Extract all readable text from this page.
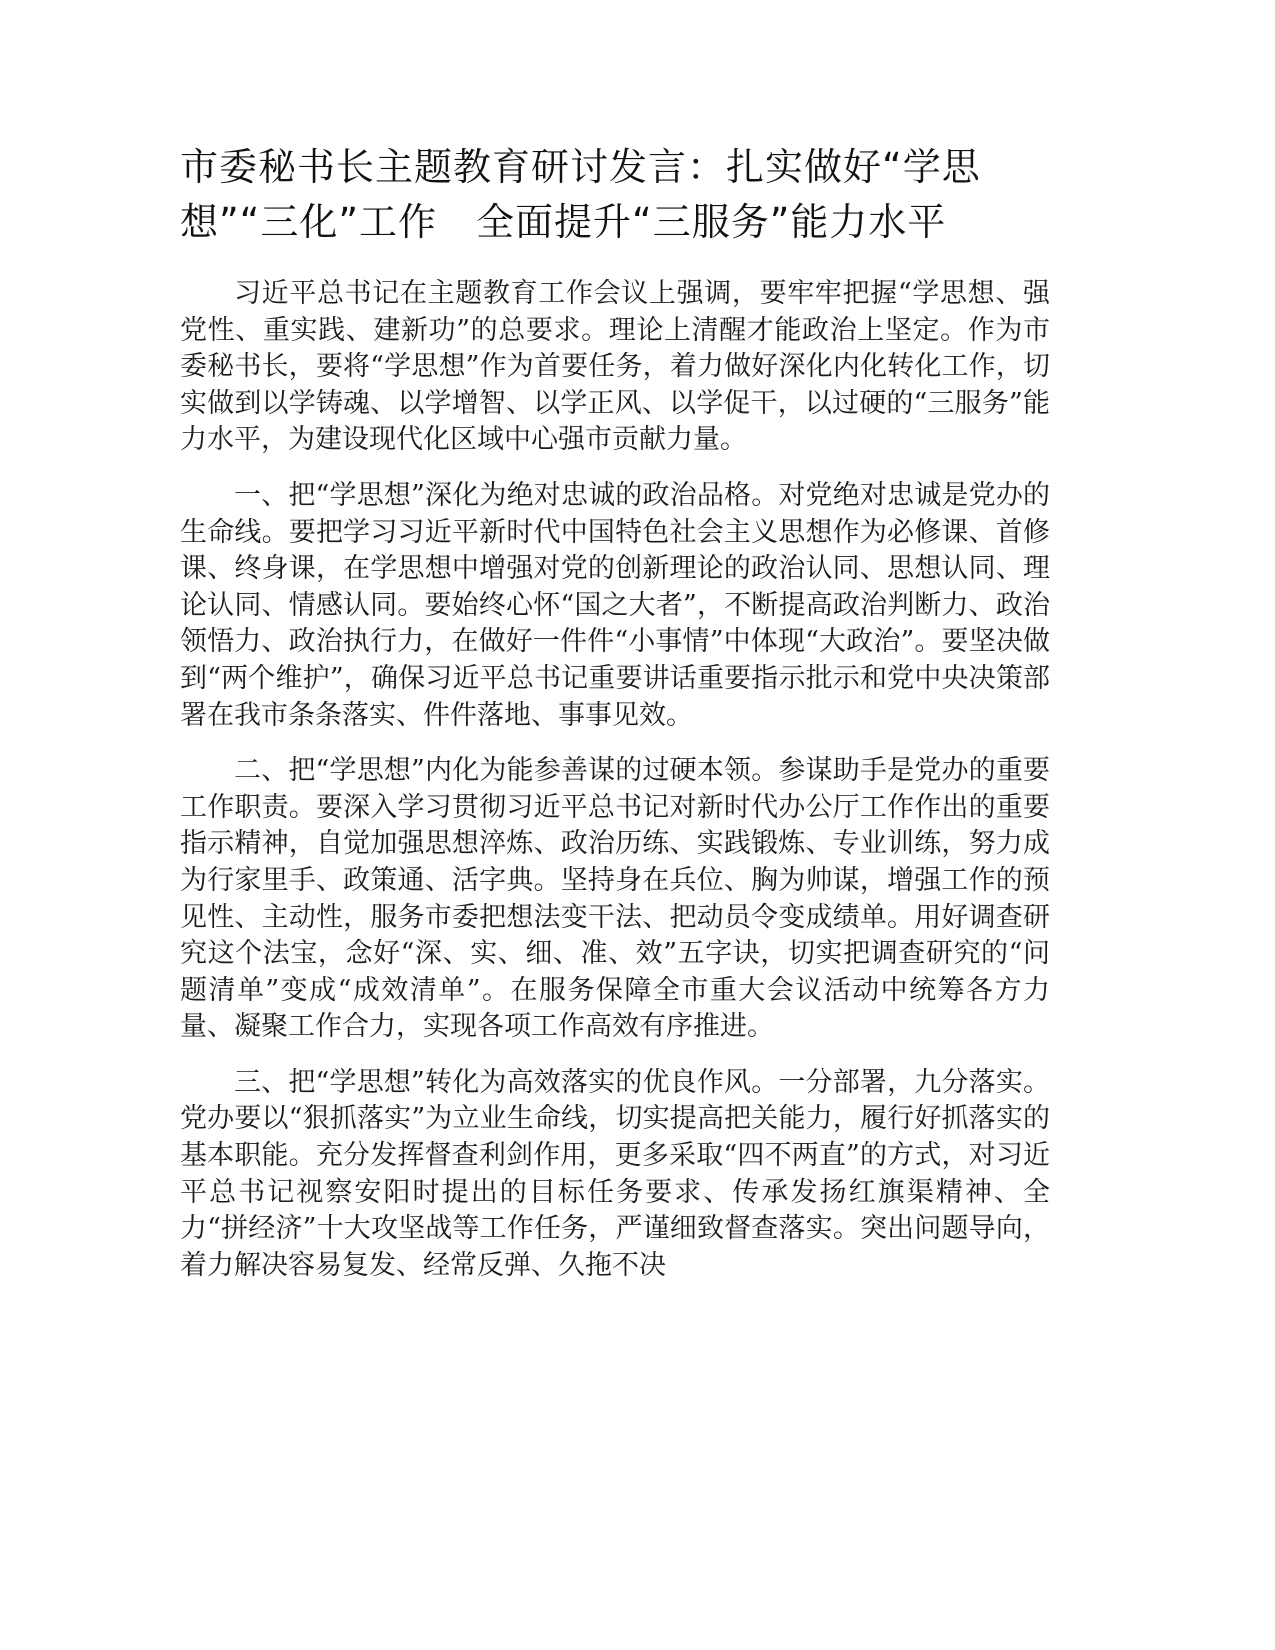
市委秘书长主题教育研讨发言：扎实做好“学思想”“三化”工作　全面提升“三服务”能力水平

习近平总书记在主题教育工作会议上强调，要牢牢把握“学思想、强党性、重实践、建新功”的总要求。理论上清醒才能政治上坚定。作为市委秘书长，要将“学思想”作为首要任务，着力做好深化内化转化工作，切实做到以学铸魂、以学增智、以学正风、以学促干，以过硬的“三服务”能力水平，为建设现代化区域中心强市贡献力量。

一、把“学思想”深化为绝对忠诚的政治品格。对党绝对忠诚是党办的生命线。要把学习习近平新时代中国特色社会主义思想作为必修课、首修课、终身课，在学思想中增强对党的创新理论的政治认同、思想认同、理论认同、情感认同。要始终心怀“国之大者”，不断提高政治判断力、政治领悟力、政治执行力，在做好一件件“小事情”中体现“大政治”。要坚决做到“两个维护”，确保习近平总书记重要讲话重要指示批示和党中央决策部署在我市条条落实、件件落地、事事见效。

二、把“学思想”内化为能参善谋的过硬本领。参谋助手是党办的重要工作职责。要深入学习贯彻习近平总书记对新时代办公厅工作作出的重要指示精神，自觉加强思想淬炼、政治历练、实践锻炼、专业训练，努力成为行家里手、政策通、活字典。坚持身在兵位、胸为帅谋，增强工作的预见性、主动性，服务市委把想法变干法、把动员令变成绩单。用好调查研究这个法宝，念好“深、实、细、准、效”五字诀，切实把调查研究的“问题清单”变成“成效清单”。在服务保障全市重大会议活动中统筹各方力量、凝聚工作合力，实现各项工作高效有序推进。

三、把“学思想”转化为高效落实的优良作风。一分部署，九分落实。党办要以“狠抓落实”为立业生命线，切实提高把关能力，履行好抓落实的基本职能。充分发挥督查利剑作用，更多采取“四不两直”的方式，对习近平总书记视察安阳时提出的目标任务要求、传承发扬红旗渠精神、全力“拼经济”十大攻坚战等工作任务，严谨细致督查落实。突出问题导向，着力解决容易复发、经常反弹、久拖不决
